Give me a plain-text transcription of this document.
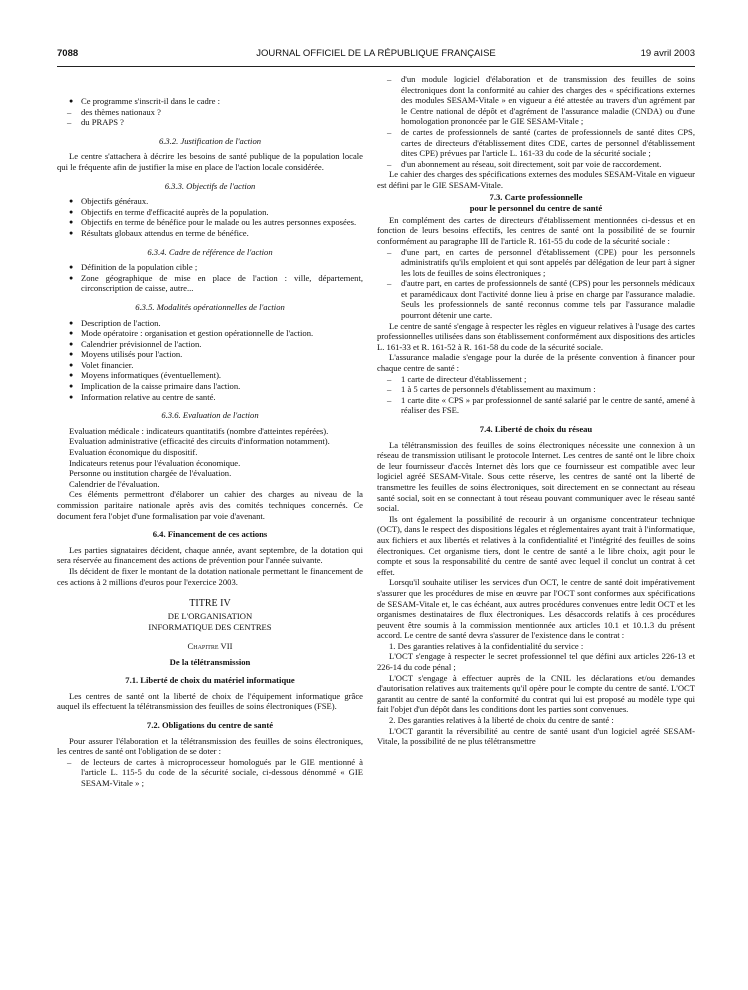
7088	JOURNAL OFFICIEL DE LA RÉPUBLIQUE FRANÇAISE	19 avril 2003

● Ce programme s'inscrit-il dans le cadre :

– des thèmes nationaux ?

– du PRAPS ?

6.3.2. Justification de l'action

Le centre s'attachera à décrire les besoins de santé publique de la population locale qui le fréquente afin de justifier la mise en place de l'action locale considérée.

6.3.3. Objectifs de l'action

● Objectifs généraux.

● Objectifs en terme d'efficacité auprès de la population.

● Objectifs en terme de bénéfice pour le malade ou les autres personnes exposées.

● Résultats globaux attendus en terme de bénéfice.

6.3.4. Cadre de référence de l'action

● Définition de la population cible ;

● Zone géographique de mise en place de l'action : ville, département, circonscription de caisse, autre...

6.3.5. Modalités opérationnelles de l'action

● Description de l'action.

● Mode opératoire : organisation et gestion opérationnelle de l'action.

● Calendrier prévisionnel de l'action.

● Moyens utilisés pour l'action.

● Volet financier.

● Moyens informatiques (éventuellement).

● Implication de la caisse primaire dans l'action.

● Information relative au centre de santé.

6.3.6. Evaluation de l'action

Evaluation médicale : indicateurs quantitatifs (nombre d'atteintes repérées).

Evaluation administrative (efficacité des circuits d'information notamment).

Evaluation économique du dispositif.

Indicateurs retenus pour l'évaluation économique.

Personne ou institution chargée de l'évaluation.

Calendrier de l'évaluation.

Ces éléments permettront d'élaborer un cahier des charges au niveau de la commission paritaire nationale après avis des comités techniques concernés. Ce document fera l'objet d'une formalisation par voie d'avenant.

6.4. Financement de ces actions

Les parties signataires décident, chaque année, avant septembre, de la dotation qui sera réservée au financement des actions de prévention pour l'année suivante.

Ils décident de fixer le montant de la dotation nationale permettant le financement de ces actions à 2 millions d'euros pour l'exercice 2003.

TITRE IV
DE L'ORGANISATION
INFORMATIQUE DES CENTRES
Chapitre VII
De la télétransmission
7.1. Liberté de choix du matériel informatique

Les centres de santé ont la liberté de choix de l'équipement informatique grâce auquel ils effectuent la télétransmission des feuilles de soins électroniques (FSE).

7.2. Obligations du centre de santé

Pour assurer l'élaboration et la télétransmission des feuilles de soins électroniques, les centres de santé ont l'obligation de se doter :

– de lecteurs de cartes à microprocesseur homologués par le GIE mentionné à l'article L. 115-5 du code de la sécurité sociale, ci-dessous dénommé « GIE SESAM-Vitale » ;

– d'un module logiciel d'élaboration et de transmission des feuilles de soins électroniques dont la conformité au cahier des charges des « spécifications externes des modules SESAM-Vitale » en vigueur a été attestée au travers d'un agrément par le Centre national de dépôt et d'agrément de l'assurance maladie (CNDA) ou d'une homologation prononcée par le GIE SESAM-Vitale ;

– de cartes de professionnels de santé (cartes de professionnels de santé dites CPS, cartes de directeurs d'établissement dites CDE, cartes de personnel d'établissement dites CPE) prévues par l'article L. 161-33 du code de la sécurité sociale ;

– d'un abonnement au réseau, soit directement, soit par voie de raccordement.

Le cahier des charges des spécifications externes des modules SESAM-Vitale en vigueur est défini par le GIE SESAM-Vitale.

7.3. Carte professionnelle
pour le personnel du centre de santé

En complément des cartes de directeurs d'établissement mentionnées ci-dessus et en fonction de leurs besoins effectifs, les centres de santé ont la possibilité de se fournir conformément au paragraphe III de l'article R. 161-55 du code de la sécurité sociale :

– d'une part, en cartes de personnel d'établissement (CPE) pour les personnels administratifs qu'ils emploient et qui sont appelés par délégation de leur part à signer les lots de feuilles de soins électroniques ;

– d'autre part, en cartes de professionnels de santé (CPS) pour les personnels médicaux et paramédicaux dont l'activité donne lieu à prise en charge par l'assurance maladie. Seuls les professionnels de santé reconnus comme tels par l'assurance maladie pourront détenir une carte.

Le centre de santé s'engage à respecter les règles en vigueur relatives à l'usage des cartes professionnelles utilisées dans son établissement conformément aux dispositions des articles L. 161-33 et R. 161-52 à R. 161-58 du code de la sécurité sociale.

L'assurance maladie s'engage pour la durée de la présente convention à financer pour chaque centre de santé :

– 1 carte de directeur d'établissement ;

– 1 à 5 cartes de personnels d'établissement au maximum :

– 1 carte dite « CPS » par professionnel de santé salarié par le centre de santé, amené à réaliser des FSE.

7.4. Liberté de choix du réseau

La télétransmission des feuilles de soins électroniques nécessite une connexion à un réseau de transmission utilisant le protocole Internet. Les centres de santé ont le libre choix de leur fournisseur d'accès Internet dès lors que ce fournisseur est compatible avec leur logiciel agréé SESAM-Vitale. Sous cette réserve, les centres de santé ont la liberté de transmettre les feuilles de soins électroniques, soit directement en se connectant au réseau santé social, soit en se connectant à tout réseau pouvant communiquer avec le réseau santé social.

Ils ont également la possibilité de recourir à un organisme concentrateur technique (OCT), dans le respect des dispositions légales et réglementaires ayant trait à l'informatique, aux fichiers et aux libertés et relatives à la confidentialité et l'intégrité des feuilles de soins électroniques. Cet organisme tiers, dont le centre de santé a le libre choix, agit pour le compte et sous la responsabilité du centre de santé avec lequel il conclut un contrat à cet effet.

Lorsqu'il souhaite utiliser les services d'un OCT, le centre de santé doit impérativement s'assurer que les procédures de mise en œuvre par l'OCT sont conformes aux spécifications de SESAM-Vitale et, le cas échéant, aux autres procédures convenues entre ledit OCT et les organismes destinataires de flux électroniques. Les désaccords relatifs à ces procédures peuvent être soumis à la commission mentionnée aux articles 10.1 et 10.1.3 du présent accord. Le centre de santé devra s'assurer de l'existence dans le contrat :

1. Des garanties relatives à la confidentialité du service :

L'OCT s'engage à respecter le secret professionnel tel que défini aux articles 226-13 et 226-14 du code pénal ;

L'OCT s'engage à effectuer auprès de la CNIL les déclarations et/ou demandes d'autorisation relatives aux traitements qu'il opère pour le compte du centre de santé. L'OCT garantit au centre de santé la conformité du contrat qui lui est proposé au modèle type qui fait l'objet d'un dépôt dans les conditions dont les parties sont convenues.

2. Des garanties relatives à la liberté de choix du centre de santé :

L'OCT garantit la réversibilité au centre de santé usant d'un logiciel agréé SESAM-Vitale, la possibilité de ne plus télétransmettre
